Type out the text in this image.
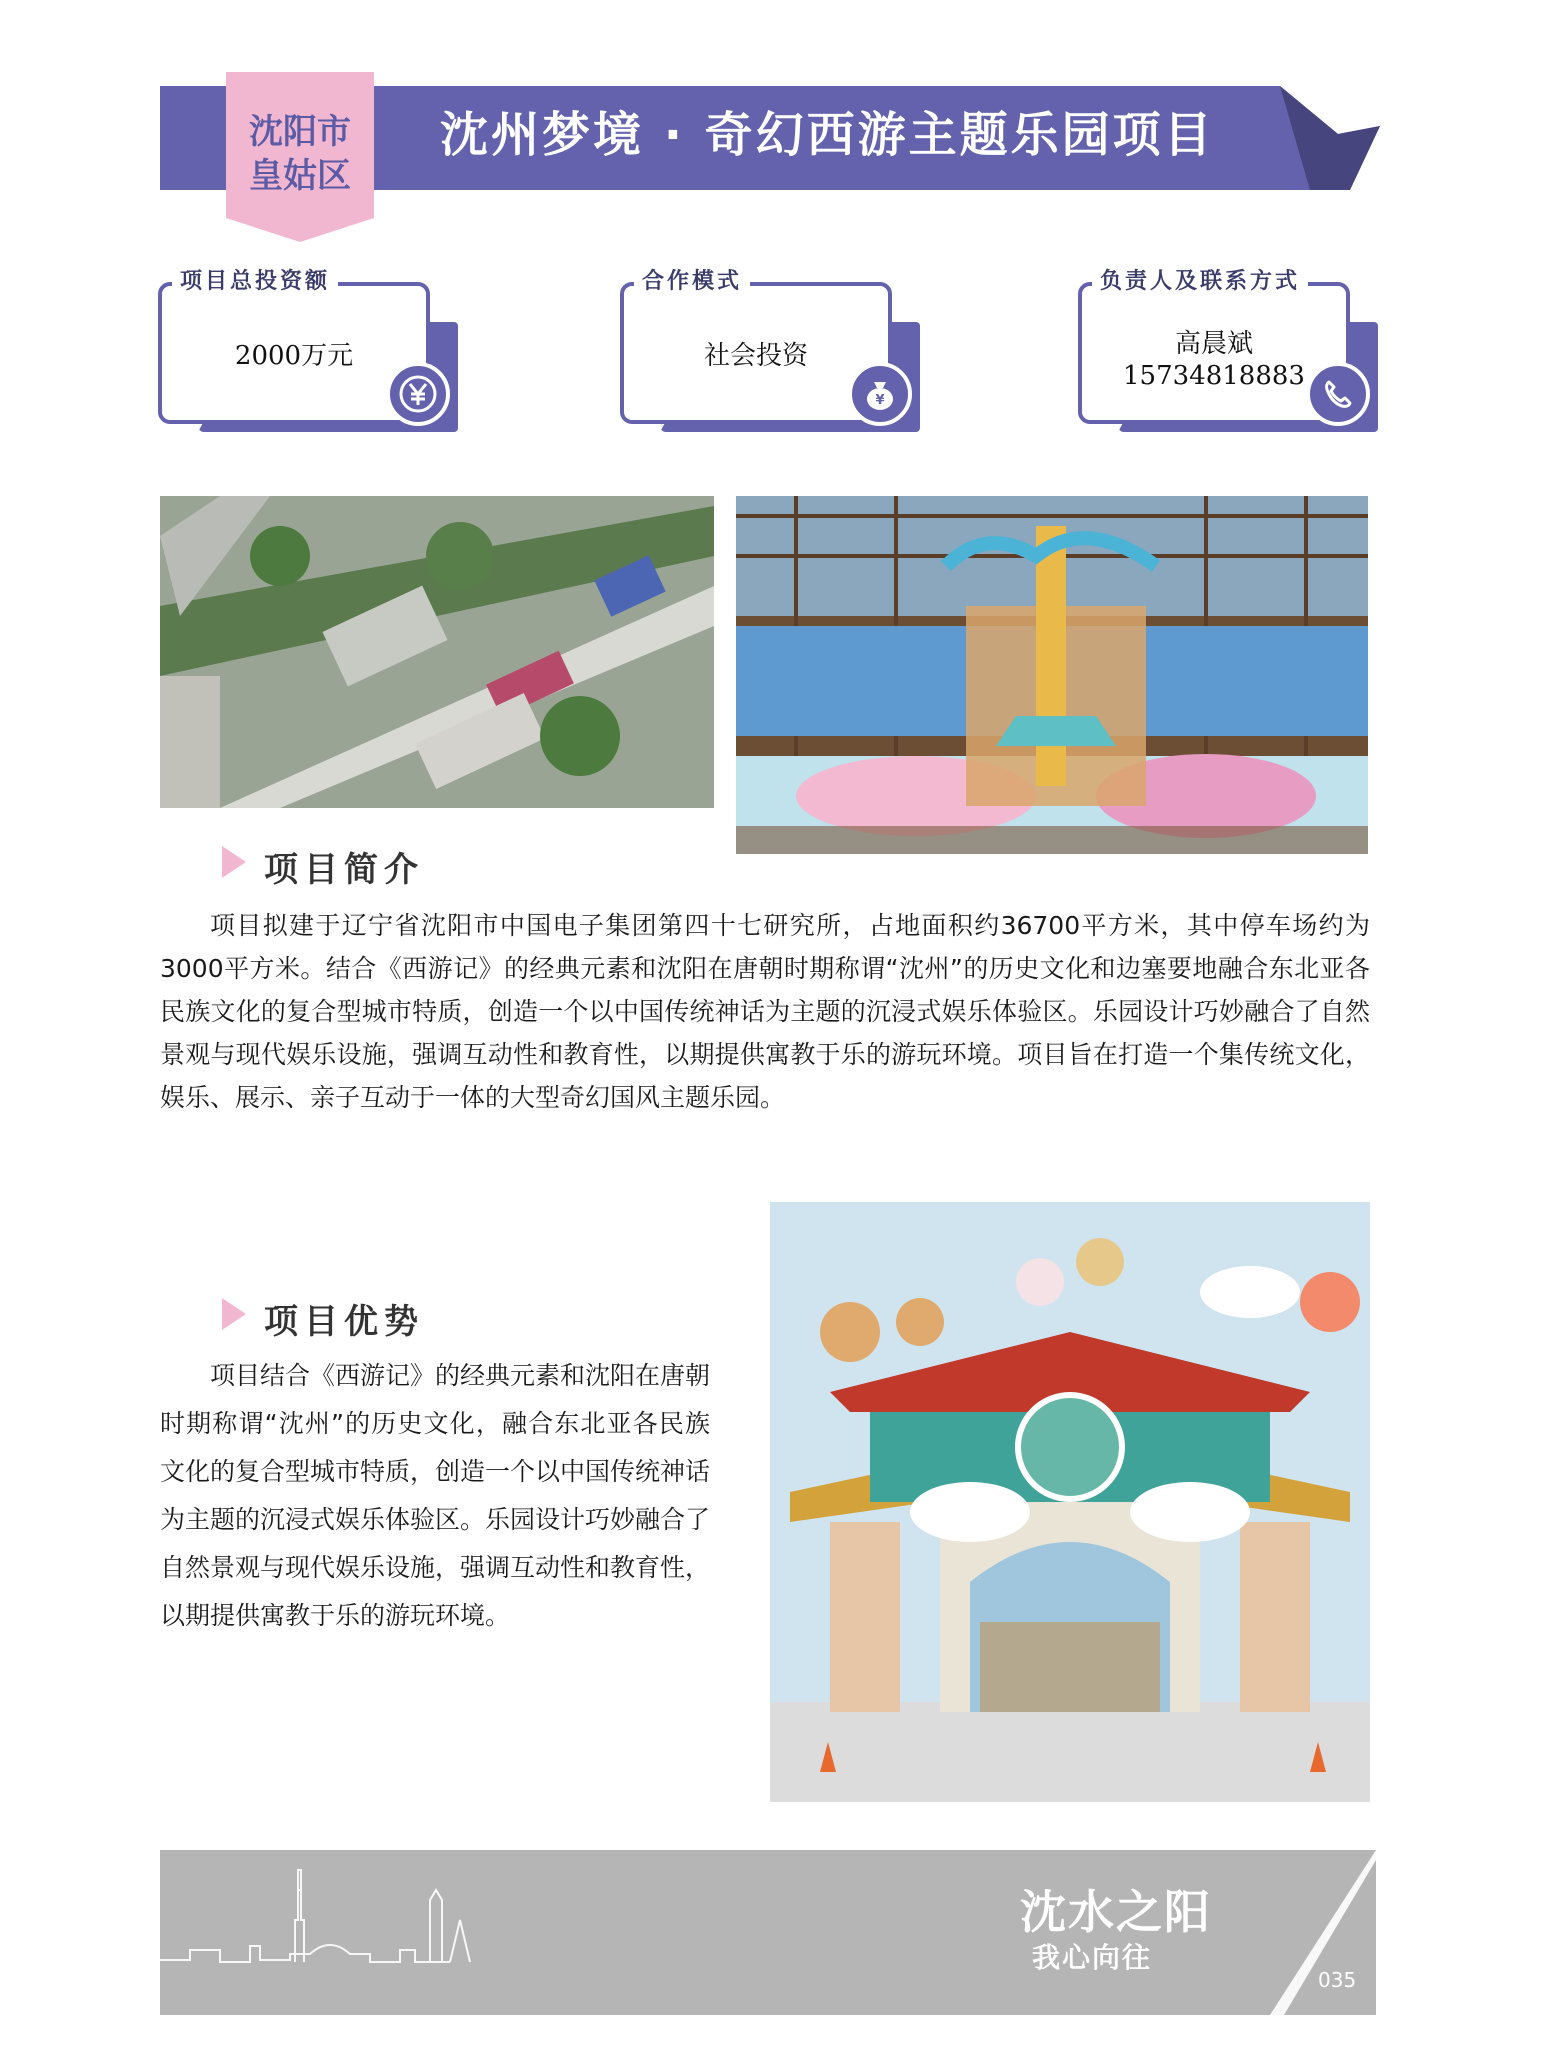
沈州梦境 · 奇幻西游主题乐园项目
沈阳市
皇姑区
项目总投资额
2000万元
合作模式
社会投资
¥
负责人及联系方式
高晨斌
15734818883
项目简介
项目拟建于辽宁省沈阳市中国电子集团第四十七研究所，占地面积约36700平方米，其中停车场约为3000平方米。结合《西游记》的经典元素和沈阳在唐朝时期称谓“沈州”的历史文化和边塞要地融合东北亚各民族文化的复合型城市特质，创造一个以中国传统神话为主题的沉浸式娱乐体验区。乐园设计巧妙融合了自然景观与现代娱乐设施，强调互动性和教育性，以期提供寓教于乐的游玩环境。项目旨在打造一个集传统文化，娱乐、展示、亲子互动于一体的大型奇幻国风主题乐园。
项目优势
项目结合《西游记》的经典元素和沈阳在唐朝时期称谓“沈州”的历史文化，融合东北亚各民族文化的复合型城市特质，创造一个以中国传统神话为主题的沉浸式娱乐体验区。乐园设计巧妙融合了自然景观与现代娱乐设施，强调互动性和教育性，以期提供寓教于乐的游玩环境。
沈水之阳
我心向往
035
